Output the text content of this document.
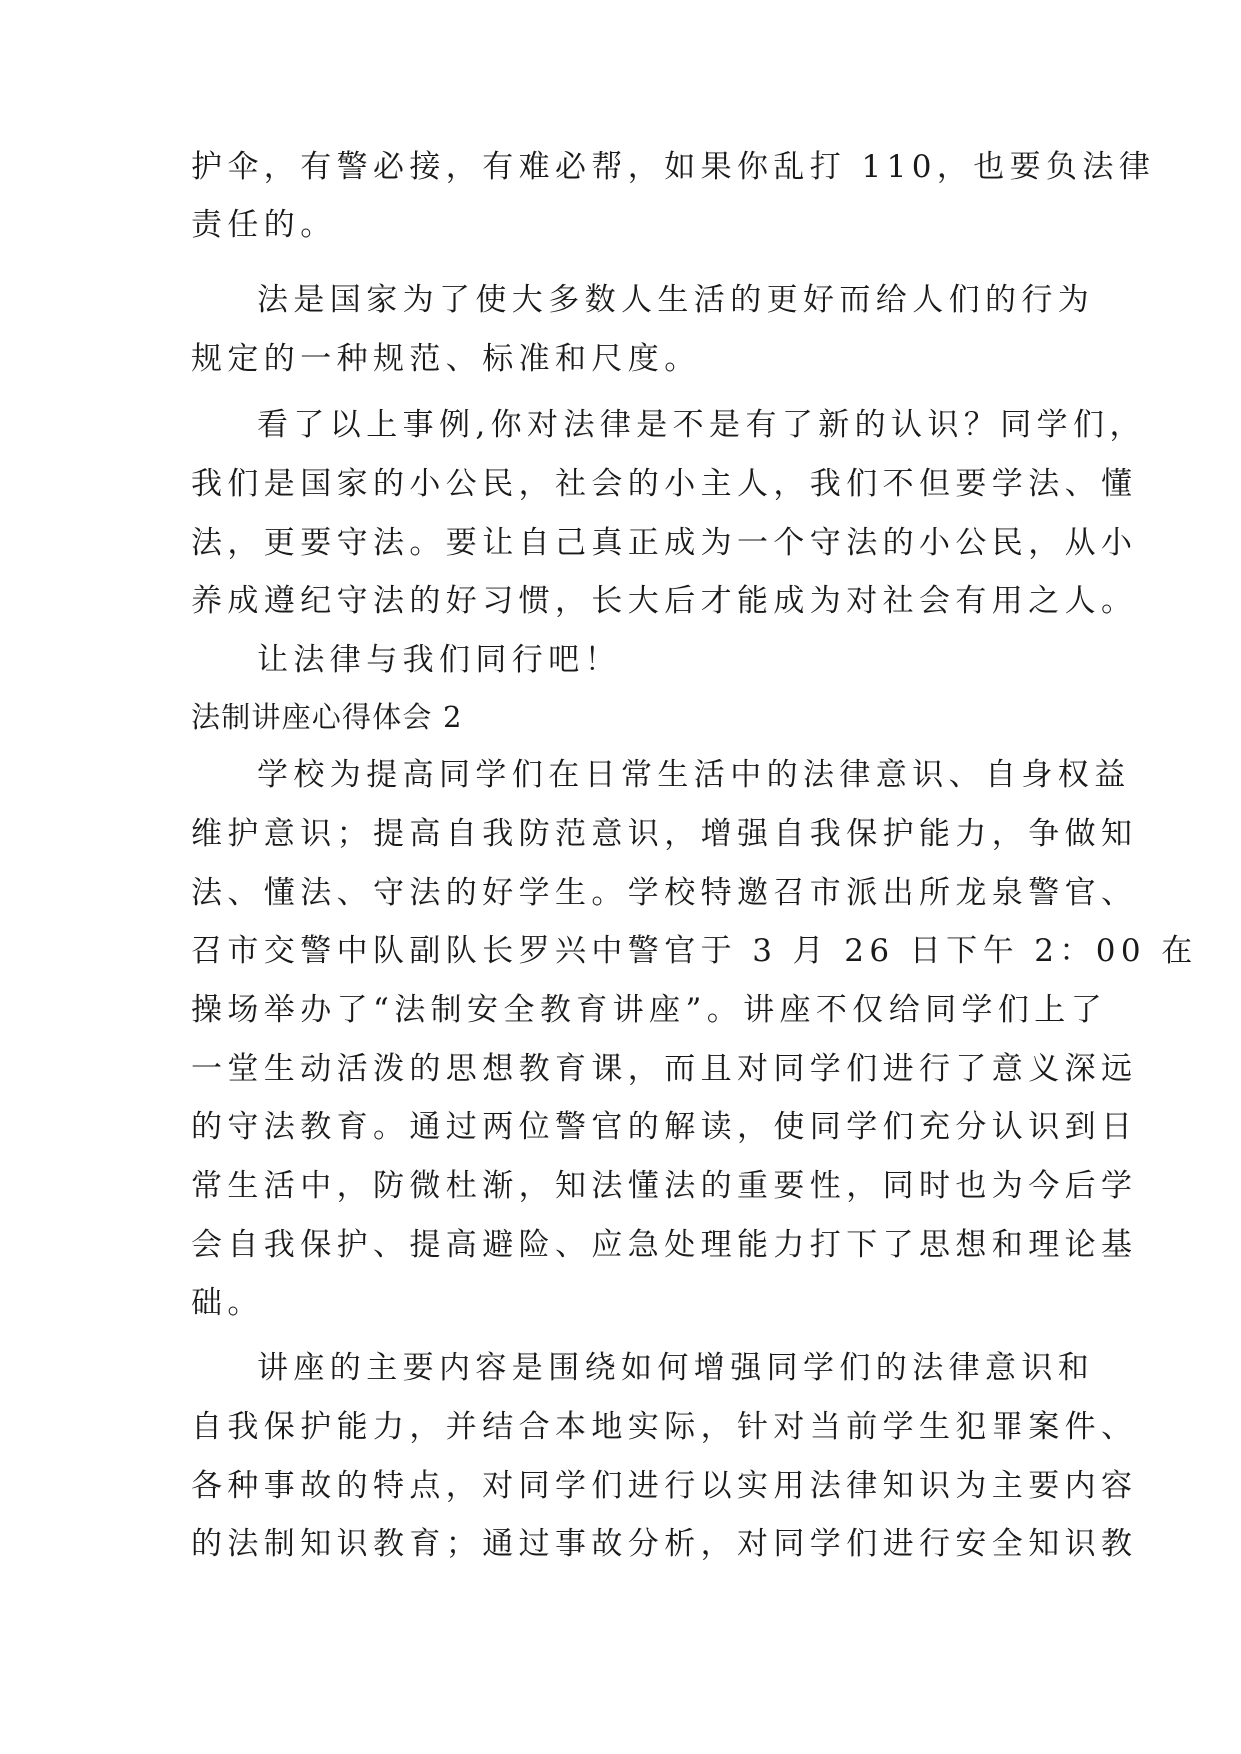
护伞，有警必接，有难必帮，如果你乱打 110，也要负法律
责任的。
法是国家为了使大多数人生活的更好而给人们的行为
规定的一种规范、标准和尺度。
看了以上事例,你对法律是不是有了新的认识？同学们，
我们是国家的小公民，社会的小主人，我们不但要学法、懂
法，更要守法。要让自己真正成为一个守法的小公民，从小
养成遵纪守法的好习惯，长大后才能成为对社会有用之人。
让法律与我们同行吧！
法制讲座心得体会 2
学校为提高同学们在日常生活中的法律意识、自身权益
维护意识；提高自我防范意识，增强自我保护能力，争做知
法、懂法、守法的好学生。学校特邀召市派出所龙泉警官、
召市交警中队副队长罗兴中警官于 3 月 26 日下午 2：00 在
操场举办了“法制安全教育讲座”。讲座不仅给同学们上了
一堂生动活泼的思想教育课，而且对同学们进行了意义深远
的守法教育。通过两位警官的解读，使同学们充分认识到日
常生活中，防微杜渐，知法懂法的重要性，同时也为今后学
会自我保护、提高避险、应急处理能力打下了思想和理论基
础。
讲座的主要内容是围绕如何增强同学们的法律意识和
自我保护能力，并结合本地实际，针对当前学生犯罪案件、
各种事故的特点，对同学们进行以实用法律知识为主要内容
的法制知识教育；通过事故分析，对同学们进行安全知识教
